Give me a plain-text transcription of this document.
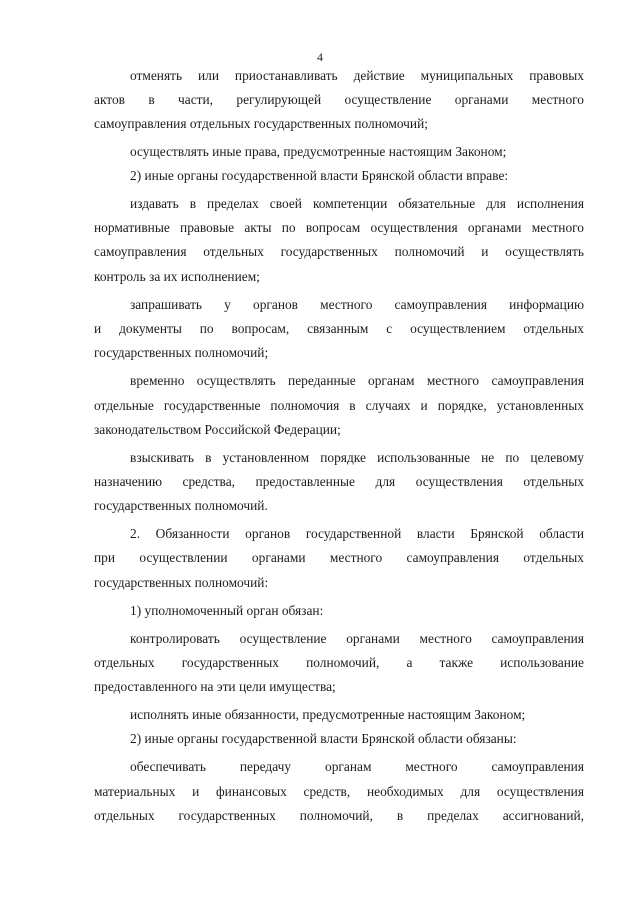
4
отменять или приостанавливать действие муниципальных правовых
актов в части, регулирующей осуществление органами местного
самоуправления отдельных государственных полномочий;
осуществлять иные права, предусмотренные настоящим Законом;
2) иные органы государственной власти Брянской области вправе:
издавать в пределах своей компетенции обязательные для исполнения
нормативные правовые акты по вопросам осуществления органами местного
самоуправления отдельных государственных полномочий и осуществлять
контроль за их исполнением;
запрашивать у органов местного самоуправления информацию
и документы по вопросам, связанным с осуществлением отдельных
государственных полномочий;
временно осуществлять переданные органам местного самоуправления
отдельные государственные полномочия в случаях и порядке, установленных
законодательством Российской Федерации;
взыскивать в установленном порядке использованные не по целевому
назначению средства, предоставленные для осуществления отдельных
государственных полномочий.
2. Обязанности органов государственной власти Брянской области
при осуществлении органами местного самоуправления отдельных
государственных полномочий:
1) уполномоченный орган обязан:
контролировать осуществление органами местного самоуправления
отдельных государственных полномочий, а также использование
предоставленного на эти цели имущества;
исполнять иные обязанности, предусмотренные настоящим Законом;
2) иные органы государственной власти Брянской области обязаны:
обеспечивать передачу органам местного самоуправления
материальных и финансовых средств, необходимых для осуществления
отдельных государственных полномочий, в пределах ассигнований,
